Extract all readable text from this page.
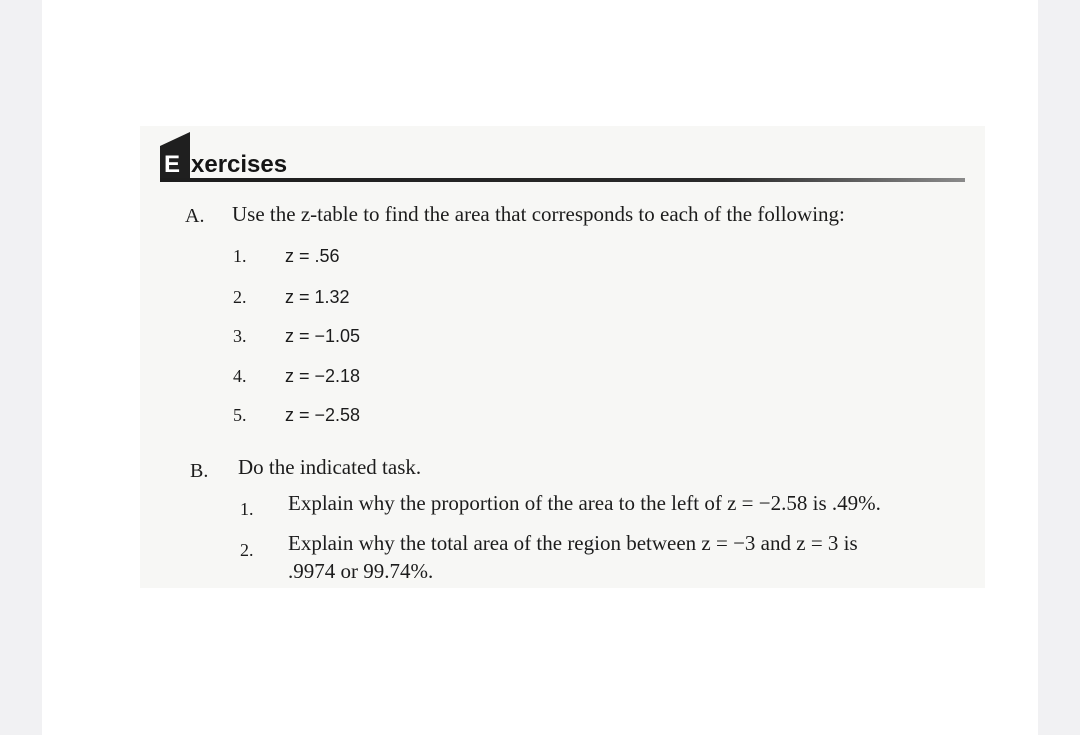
E xercises
A. Use the z-table to find the area that corresponds to each of the following:
1. z = .56
2. z = 1.32
3. z = −1.05
4. z = −2.18
5. z = −2.58
B. Do the indicated task.
1. Explain why the proportion of the area to the left of z = −2.58 is .49%.
2. Explain why the total area of the region between z = −3 and z = 3 is
.9974 or 99.74%.
